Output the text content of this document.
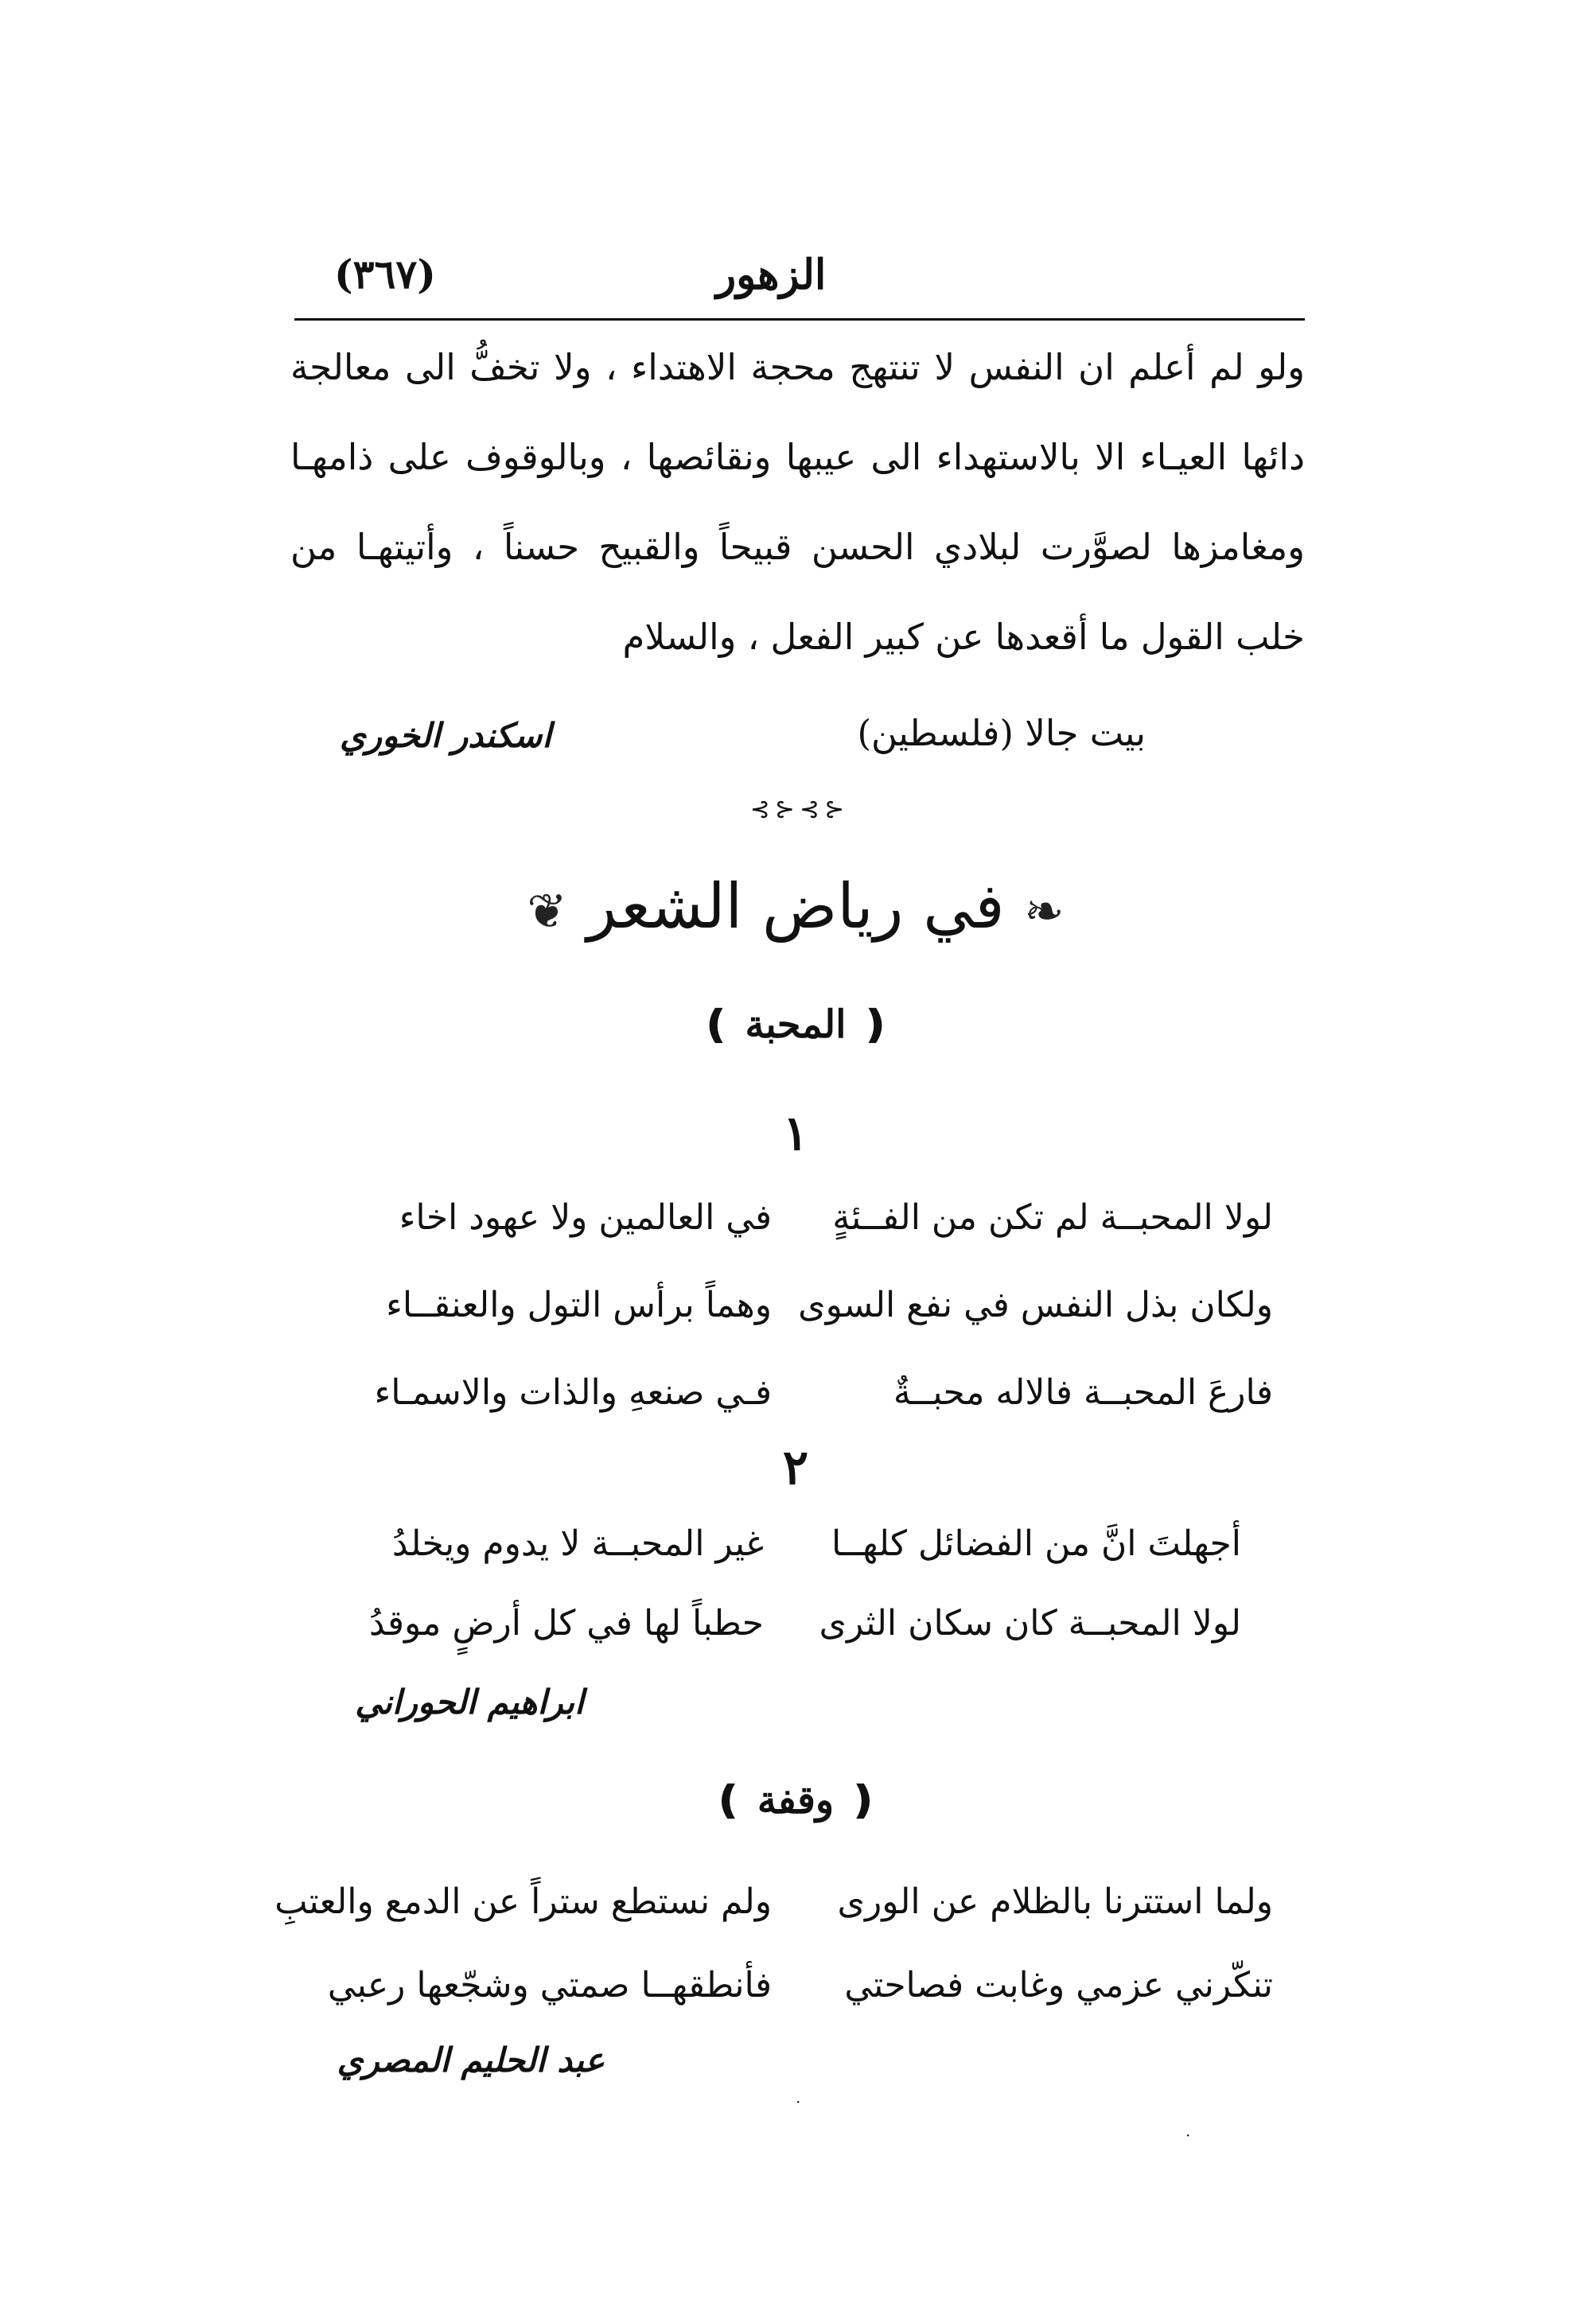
الزهور
(٣٦٧)
ولو لم أعلم ان النفس لا تنتهج محجة الاهتداء ، ولا تخفُّ الى معالجة
دائها العيـاء الا بالاستهداء الى عيبها ونقائصها ، وبالوقوف على ذامهـا
ومغامزها لصوَّرت لبلادي الحسن قبيحاً والقبيح حسناً ، وأتيتهـا من
خلب القول ما أقعدها عن كبير الفعل ، والسلام
بيت جالا (فلسطين)
اسكندر الخوري
⊰⊱⊰⊱
❧ في رياض الشعر ❦
❪ المحبة ❫
١
لولا المحبــة لم تكن من الفــئةٍ
في العالمين ولا عهود اخاء
ولكان بذل النفس في نفع السوى
وهماً برأس التول والعنقــاء
فارعَ المحبــة فالاله محبــةٌ
فـي صنعهِ والذات والاسمـاء
٢
أجهلتَ انَّ من الفضائل كلهــا
غير المحبــة لا يدوم ويخلدُ
لولا المحبــة كان سكان الثرى
حطباً لها في كل أرضٍ موقدُ
ابراهيم الحوراني
❪ وقفة ❫
ولما استترنا بالظلام عن الورى
ولم نستطع ستراً عن الدمع والعتبِ
تنكّرني عزمي وغابت فصاحتي
فأنطقهــا صمتي وشجّعها رعبي
عبد الحليم المصري
·
·
